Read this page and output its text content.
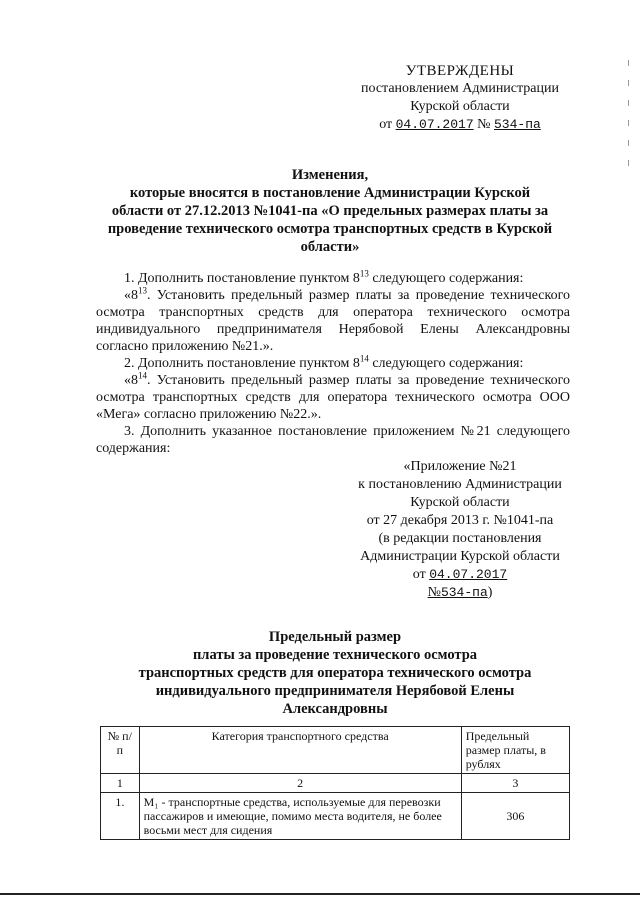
УТВЕРЖДЕНЫ
постановлением Администрации
Курской области
от 04.07.2017 № 534-па
Изменения,
которые вносятся в постановление Администрации Курской
области от 27.12.2013 №1041-па «О предельных размерах платы за
проведение технического осмотра транспортных средств в Курской
области»
1. Дополнить постановление пунктом $8^{13}$ следующего содержания:
«$8^{13}$. Установить предельный размер платы за проведение технического осмотра транспортных средств для оператора технического осмотра индивидуального предпринимателя Нерябовой Елены Александровны согласно приложению №21.».
2. Дополнить постановление пунктом $8^{14}$ следующего содержания:
«$8^{14}$. Установить предельный размер платы за проведение технического осмотра транспортных средств для оператора технического осмотра ООО «Мега» согласно приложению №22.».
3. Дополнить указанное постановление приложением №21 следующего содержания:
«Приложение №21
к постановлению Администрации
Курской области
от 27 декабря 2013 г. №1041-па
(в редакции постановления
Администрации Курской области
от 04.07.2017
№534-па)
Предельный размер
платы за проведение технического осмотра
транспортных средств для оператора технического осмотра
индивидуального предпринимателя Нерябовой Елены
Александровны
№ п/п	Категория транспортного средства	Предельный размер платы, в рублях
1	2	3
1.	M₁ - транспортные средства, используемые для перевозки пассажиров и имеющие, помимо места водителя, не более восьми мест для сидения	306
